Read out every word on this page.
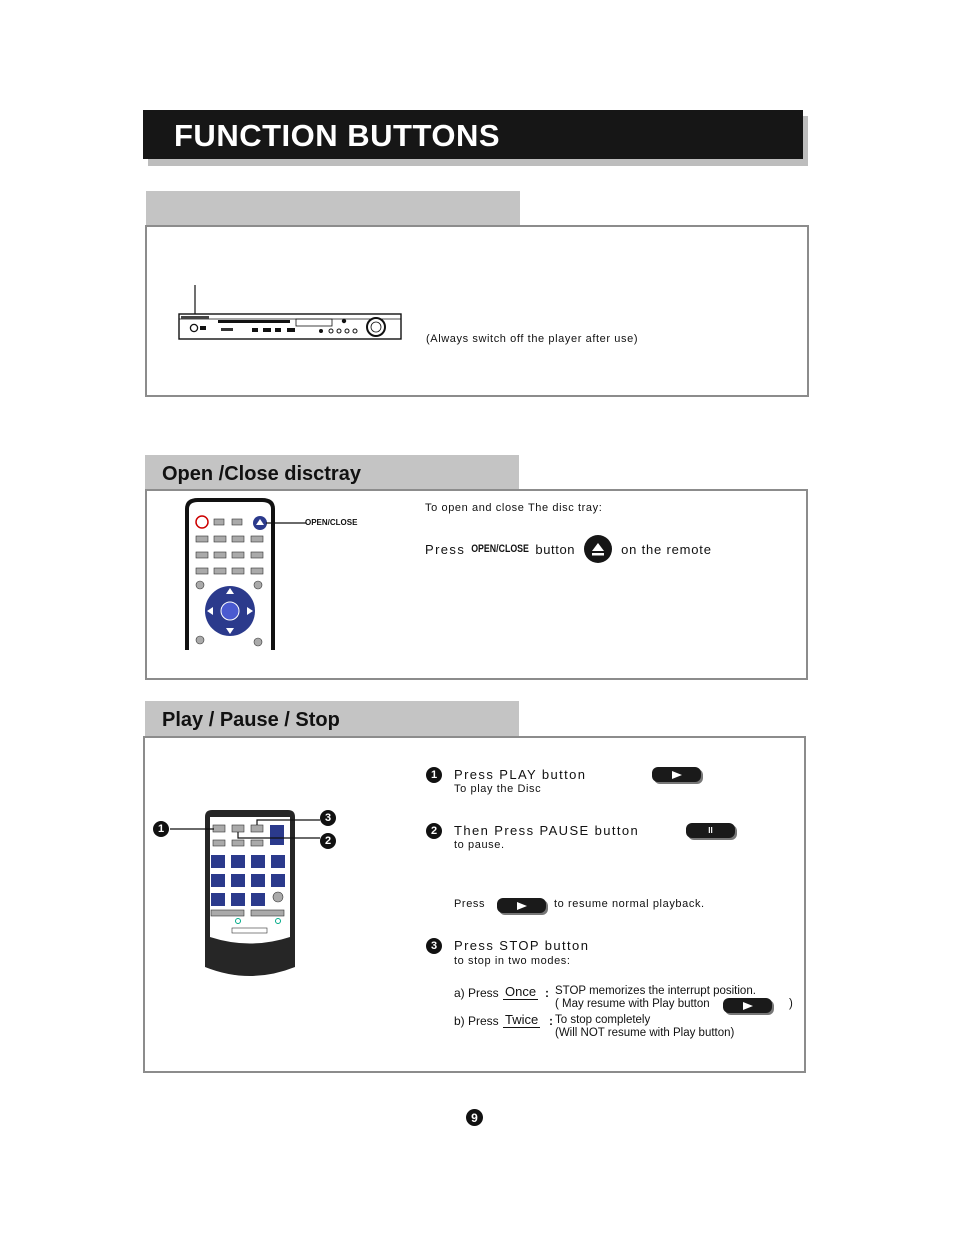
FUNCTION BUTTONS
(Always switch off the player after use)
Open /Close disctray
OPEN/CLOSE
To open and close The disc tray:
Press OPEN/CLOSE button	on the remote
Play / Pause / Stop
1
2
3
1	Press PLAY button
To play the Disc
2	Then Press PAUSE button
to pause.
II
Press	to resume normal playback.
3	Press STOP button
to stop in two modes:
a) Press Once : STOP memorizes the interrupt position.
( May resume with Play button	)
b) Press Twice : To stop completely
(Will NOT resume with Play button)
9
